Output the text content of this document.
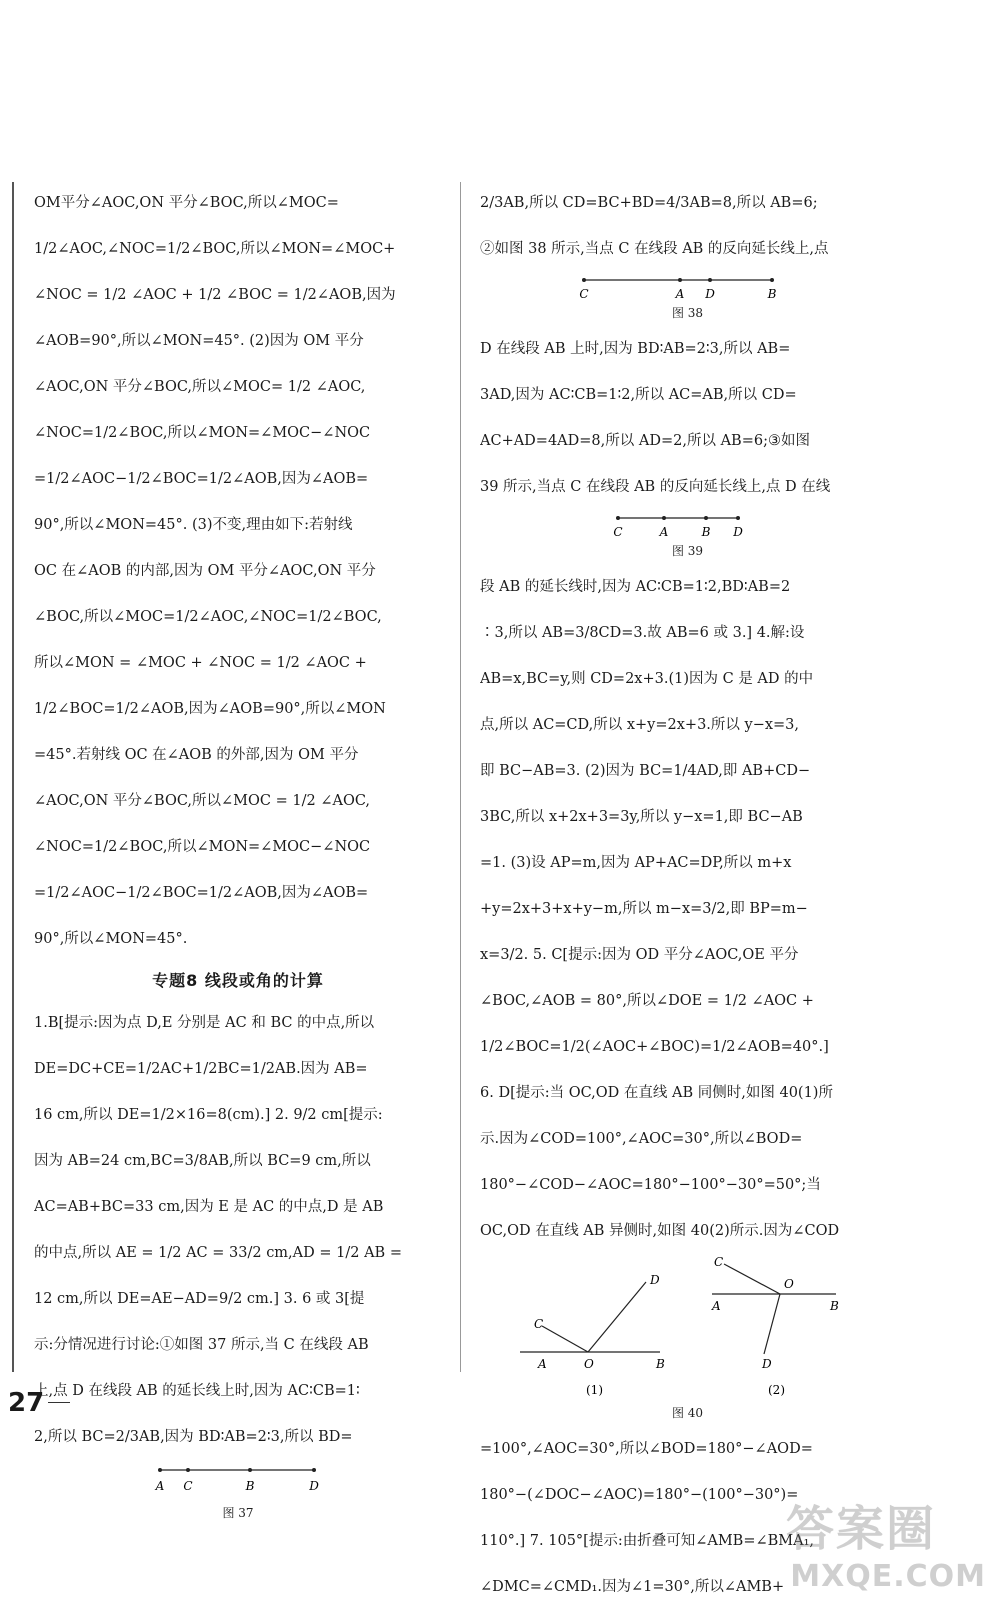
OM平分∠AOC,ON 平分∠BOC,所以∠MOC=
1/2∠AOC,∠NOC=1/2∠BOC,所以∠MON=∠MOC+
∠NOC = 1/2 ∠AOC + 1/2 ∠BOC = 1/2∠AOB,因为
∠AOB=90°,所以∠MON=45°. (2)因为 OM 平分
∠AOC,ON 平分∠BOC,所以∠MOC= 1/2 ∠AOC,
∠NOC=1/2∠BOC,所以∠MON=∠MOC−∠NOC
=1/2∠AOC−1/2∠BOC=1/2∠AOB,因为∠AOB=
90°,所以∠MON=45°. (3)不变,理由如下:若射线
OC 在∠AOB 的内部,因为 OM 平分∠AOC,ON 平分
∠BOC,所以∠MOC=1/2∠AOC,∠NOC=1/2∠BOC,
所以∠MON = ∠MOC + ∠NOC = 1/2 ∠AOC +
1/2∠BOC=1/2∠AOB,因为∠AOB=90°,所以∠MON
=45°.若射线 OC 在∠AOB 的外部,因为 OM 平分
∠AOC,ON 平分∠BOC,所以∠MOC = 1/2 ∠AOC,
∠NOC=1/2∠BOC,所以∠MON=∠MOC−∠NOC
=1/2∠AOC−1/2∠BOC=1/2∠AOB,因为∠AOB=
90°,所以∠MON=45°.
专题8 线段或角的计算
1.B[提示:因为点 D,E 分别是 AC 和 BC 的中点,所以
DE=DC+CE=1/2AC+1/2BC=1/2AB.因为 AB=
16 cm,所以 DE=1/2×16=8(cm).] 2. 9/2 cm[提示:
因为 AB=24 cm,BC=3/8AB,所以 BC=9 cm,所以
AC=AB+BC=33 cm,因为 E 是 AC 的中点,D 是 AB
的中点,所以 AE = 1/2 AC = 33/2 cm,AD = 1/2 AB =
12 cm,所以 DE=AE−AD=9/2 cm.] 3. 6 或 3[提
示:分情况进行讨论:①如图 37 所示,当 C 在线段 AB
上,点 D 在线段 AB 的延长线上时,因为 AC∶CB=1∶
2,所以 BC=2/3AB,因为 BD∶AB=2∶3,所以 BD=
A C	B	D
图 37
2/3AB,所以 CD=BC+BD=4/3AB=8,所以 AB=6;
②如图 38 所示,当点 C 在线段 AB 的反向延长线上,点
C	A D	B
图 38
D 在线段 AB 上时,因为 BD∶AB=2∶3,所以 AB=
3AD,因为 AC∶CB=1∶2,所以 AC=AB,所以 CD=
AC+AD=4AD=8,所以 AD=2,所以 AB=6;③如图
39 所示,当点 C 在线段 AB 的反向延长线上,点 D 在线
C	A	B D
图 39
段 AB 的延长线时,因为 AC∶CB=1∶2,BD∶AB=2
∶3,所以 AB=3/8CD=3.故 AB=6 或 3.] 4.解:设
AB=x,BC=y,则 CD=2x+3.(1)因为 C 是 AD 的中
点,所以 AC=CD,所以 x+y=2x+3.所以 y−x=3,
即 BC−AB=3. (2)因为 BC=1/4AD,即 AB+CD−
3BC,所以 x+2x+3=3y,所以 y−x=1,即 BC−AB
=1. (3)设 AP=m,因为 AP+AC=DP,所以 m+x
+y=2x+3+x+y−m,所以 m−x=3/2,即 BP=m−
x=3/2. 5. C[提示:因为 OD 平分∠AOC,OE 平分
∠BOC,∠AOB = 80°,所以∠DOE = 1/2 ∠AOC +
1/2∠BOC=1/2(∠AOC+∠BOC)=1/2∠AOB=40°.]
6. D[提示:当 OC,OD 在直线 AB 同侧时,如图 40(1)所
示.因为∠COD=100°,∠AOC=30°,所以∠BOD=
180°−∠COD−∠AOC=180°−100°−30°=50°;当
OC,OD 在直线 AB 异侧时,如图 40(2)所示.因为∠COD
C
D
A	O	B
(1)
C
O
A	B
D
(2)
图 40
=100°,∠AOC=30°,所以∠BOD=180°−∠AOD=
180°−(∠DOC−∠AOC)=180°−(100°−30°)=
110°.] 7. 105°[提示:由折叠可知∠AMB=∠BMA₁,
∠DMC=∠CMD₁.因为∠1=30°,所以∠AMB+
27
答案圈
MXQE.COM
